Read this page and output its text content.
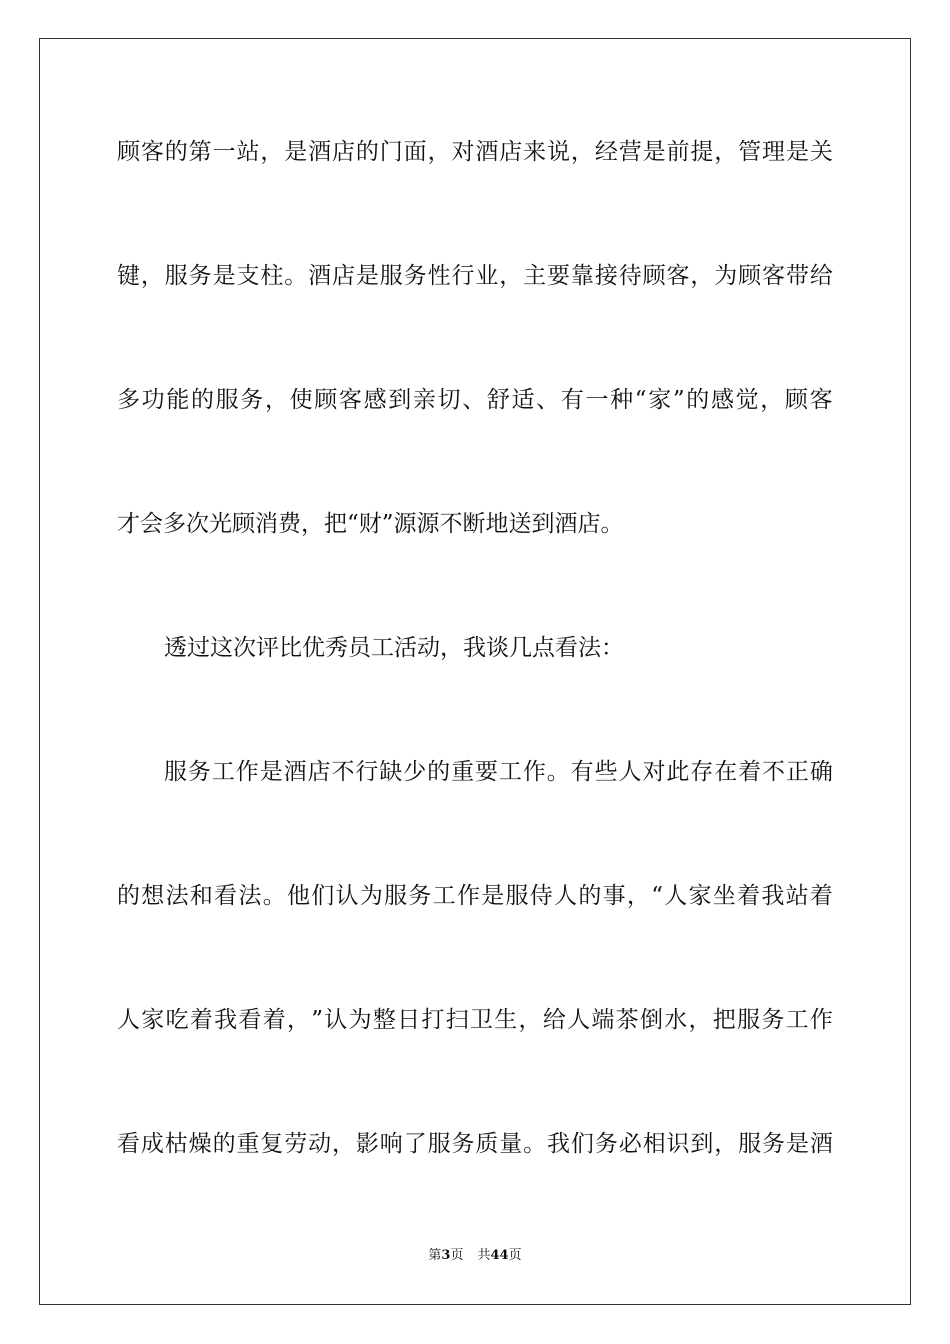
顾 客 的 第 一 站 ， 是 酒 店 的 门 面 ， 对 酒 店 来 说 ， 经 营 是 前 提 ， 管 理 是 关
键 ， 服 务 是 支 柱 。 酒 店 是 服 务 性 行 业 ， 主 要 靠 接 待 顾 客 ， 为 顾 客 带 给
多 功 能 的 服 务 ， 使 顾 客 感 到 亲 切 、 舒 适 、 有 一 种 “ 家 ” 的 感 觉 ， 顾 客
才会多次光顾消费，把“财”源源不断地送到酒店。
透过这次评比优秀员工活动，我谈几点看法：
服 务 工 作 是 酒 店 不 行 缺 少 的 重 要 工 作 。 有 些 人 对 此 存 在 着 不 正 确
的 想 法 和 看 法 。 他 们 认 为 服 务 工 作 是 服 侍 人 的 事 ， “ 人 家 坐 着 我 站 着
人 家 吃 着 我 看 着 ， ” 认 为 整 日 打 扫 卫 生 ， 给 人 端 茶 倒 水 ， 把 服 务 工 作
看 成 枯 燥 的 重 复 劳 动 ， 影 响 了 服 务 质 量 。 我 们 务 必 相 识 到 ， 服 务 是 酒
第3页 共44页
